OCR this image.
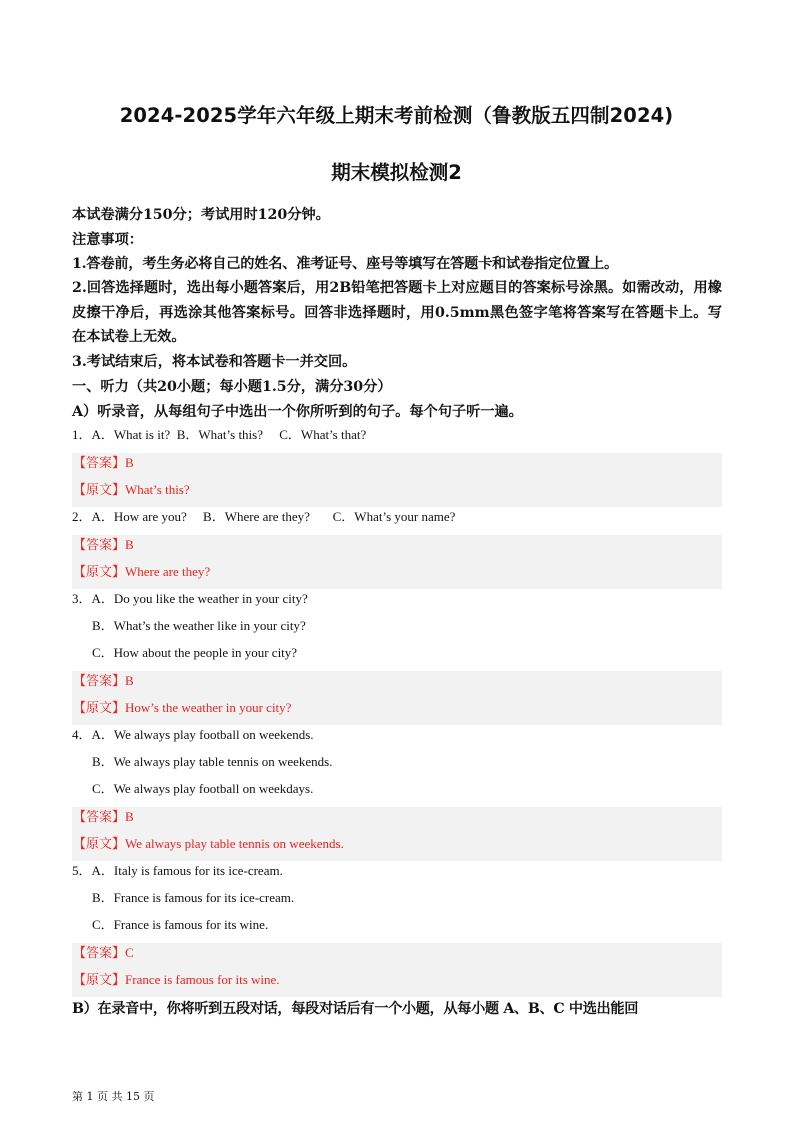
2024-2025学年六年级上期末考前检测（鲁教版五四制2024)
期末模拟检测2
本试卷满分150分；考试用时120分钟。
注意事项：
1.答卷前，考生务必将自己的姓名、准考证号、座号等填写在答题卡和试卷指定位置上。
2.回答选择题时，选出每小题答案后，用2B铅笔把答题卡上对应题目的答案标号涂黑。如需改动，用橡皮擦干净后，再选涂其他答案标号。回答非选择题时，用0.5mm黑色签字笔将答案写在答题卡上。写在本试卷上无效。
3.考试结束后，将本试卷和答题卡一并交回。
一、听力（共20小题；每小题1.5分，满分30分）
A）听录音，从每组句子中选出一个你所听到的句子。每个句子听一遍。
1．A．What is it?  B．What’s this?     C．What’s that?
【答案】B
【原文】What’s this?
2．A．How are you?     B．Where are they?       C．What’s your name?
【答案】B
【原文】Where are they?
3．A．Do you like the weather in your city?
B．What’s the weather like in your city?
C．How about the people in your city?
【答案】B
【原文】How’s the weather in your city?
4．A．We always play football on weekends.
B．We always play table tennis on weekends.
C．We always play football on weekdays.
【答案】B
【原文】We always play table tennis on weekends.
5．A．Italy is famous for its ice-cream.
B．France is famous for its ice-cream.
C．France is famous for its wine.
【答案】C
【原文】France is famous for its wine.
B）在录音中，你将听到五段对话，每段对话后有一个小题，从每小题 A、B、C 中选出能回
第 1 页 共 15 页
